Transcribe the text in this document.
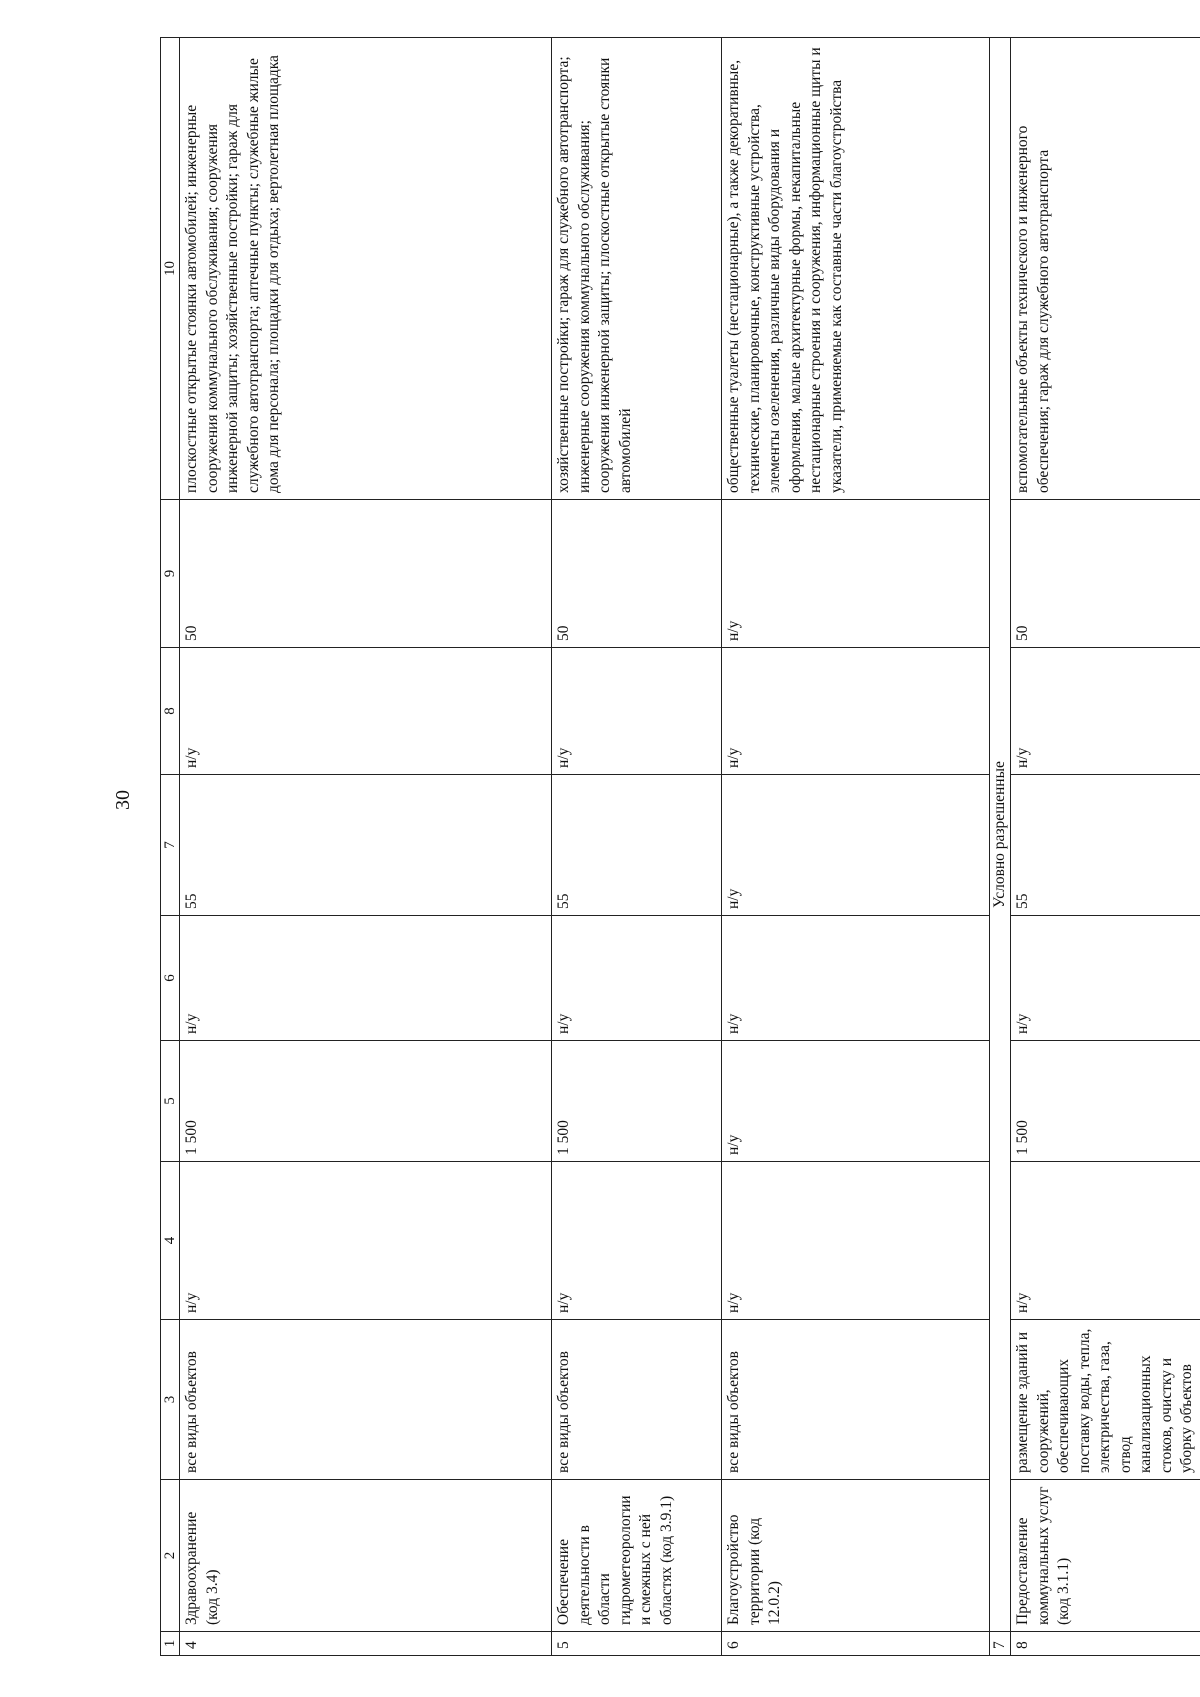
30
1	2	3	4	5	6	7	8	9	10
4	Здравоохранение (код 3.4)	все виды объектов	н/у	1 500	н/у	55	н/у	50	плоскостные открытые стоянки автомобилей; инженерные сооружения коммунального обслуживания; сооружения инженерной защиты; хозяйственные постройки; гараж для служебного автотранспорта; аптечные пункты; служебные жилые дома для персонала; площадки для отдыха; вертолетная площадка
5	Обеспечение деятельности в области гидрометеорологии и смежных с ней областях (код 3.9.1)	все виды объектов	н/у	1 500	н/у	55	н/у	50	хозяйственные постройки; гараж для служебного автотранспорта; инженерные сооружения коммунального обслуживания; сооружения инженерной защиты; плоскостные открытые стоянки автомобилей
6	Благоустройство территории (код 12.0.2)	все виды объектов	н/у	н/у	н/у	н/у	н/у	н/у	общественные туалеты (нестационарные), а также декоративные, технические, планировочные, конструктивные устройства, элементы озеленения, различные виды оборудования и оформления, малые архитектурные формы, некапитальные нестационарные строения и сооружения, информационные щиты и указатели, применяемые как составные части благоустройства
7	Условно разрешенные								
8	Предоставление коммунальных услуг (код 3.1.1)	размещение зданий и сооружений, обеспечивающих поставку воды, тепла, электричества, газа, отвод канализационных стоков, очистку и уборку объектов	н/у	1 500	н/у	55	н/у	50	вспомогательные объекты технического и инженерного обеспечения; гараж для служебного автотранспорта
